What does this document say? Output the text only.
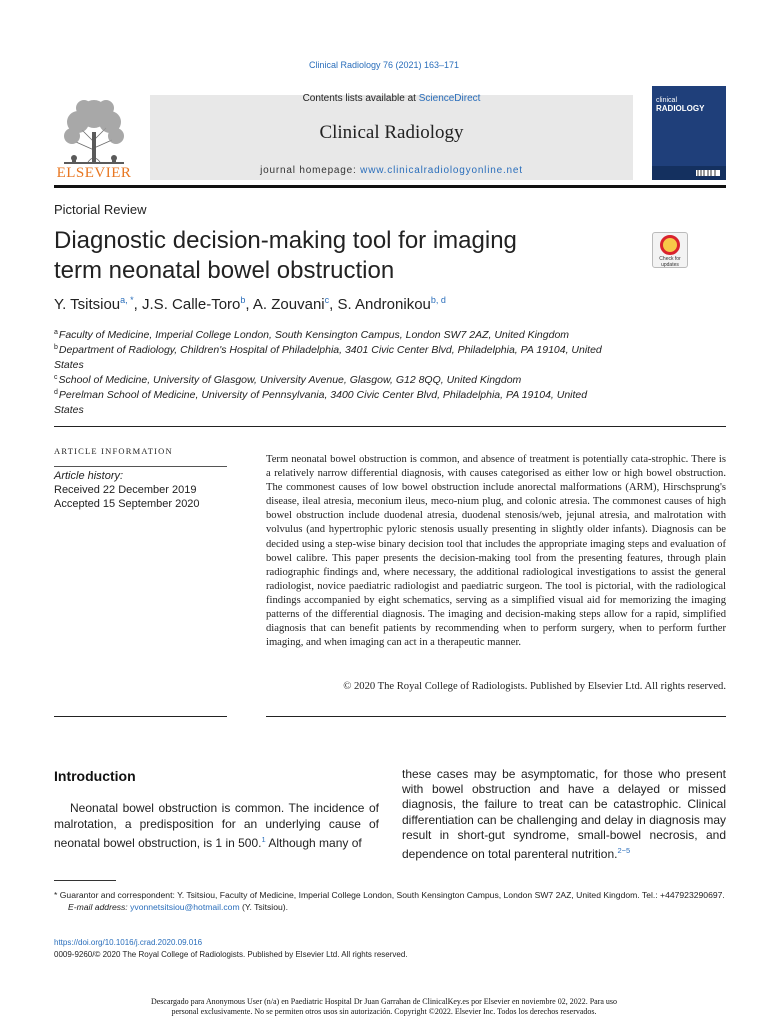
Clinical Radiology 76 (2021) 163–171
ELSEVIER
Contents lists available at ScienceDirect
Clinical Radiology
journal homepage: www.clinicalradiologyonline.net
clinical
RADIOLOGY
Pictorial Review
Diagnostic decision-making tool for imaging
term neonatal bowel obstruction	Check for updates
Y. Tsitsiou$^{a, *}$, J.S. Calle-Toro$^b$, A. Zouvani$^c$, S. Andronikou$^{b, d}$
$^a$Faculty of Medicine, Imperial College London, South Kensington Campus, London SW7 2AZ, United Kingdom
$^b$Department of Radiology, Children's Hospital of Philadelphia, 3401 Civic Center Blvd, Philadelphia, PA 19104, United
States
$^c$School of Medicine, University of Glasgow, University Avenue, Glasgow, G12 8QQ, United Kingdom
$^d$Perelman School of Medicine, University of Pennsylvania, 3400 Civic Center Blvd, Philadelphia, PA 19104, United
States
ARTICLE INFORMATION
Article history:
Received 22 December 2019
Accepted 15 September 2020
Term neonatal bowel obstruction is common, and absence of treatment is potentially cata-strophic. There is a relatively narrow differential diagnosis, with causes categorised as either low or high bowel obstruction. The commonest causes of low bowel obstruction include anorectal malformations (ARM), Hirschsprung's disease, ileal atresia, meconium ileus, meco-nium plug, and colonic atresia. The commonest causes of high bowel obstruction include duodenal atresia, duodenal stenosis/web, jejunal atresia, and malrotation with volvulus (and hypertrophic pyloric stenosis usually presenting in slightly older infants). Diagnosis can be decided using a step-wise binary decision tool that includes the appropriate imaging steps and evaluation of bowel calibre. This paper presents the decision-making tool from the presenting features, through plain radiographic findings and, where necessary, the additional radiological investigations to assist the general radiologist, novice paediatric radiologist and paediatric surgeon. The tool is pictorial, with the radiological findings accompanied by eight schematics, serving as a simplified visual aid for memorizing the imaging patterns of the differential diagnosis. The imaging and decision-making steps allow for a rapid, simplified diagnosis that can benefit patients by recommending when to perform surgery, when to perform further imaging, and when imaging can act in a therapeutic manner.
© 2020 The Royal College of Radiologists. Published by Elsevier Ltd. All rights reserved.
Introduction
Neonatal bowel obstruction is common. The incidence of malrotation, a predisposition for an underlying cause of neonatal bowel obstruction, is 1 in 500.$^1$ Although many of
these cases may be asymptomatic, for those who present with bowel obstruction and have a delayed or missed diagnosis, the failure to treat can be catastrophic. Clinical differentiation can be challenging and delay in diagnosis may result in short-gut syndrome, small-bowel necrosis, and dependence on total parenteral nutrition.$^{2-5}$
* Guarantor and correspondent: Y. Tsitsiou, Faculty of Medicine, Imperial College London, South Kensington Campus, London SW7 2AZ, United Kingdom. Tel.: +447923290697.
E-mail address: yvonnetsitsiou@hotmail.com (Y. Tsitsiou).
https://doi.org/10.1016/j.crad.2020.09.016
0009-9260/© 2020 The Royal College of Radiologists. Published by Elsevier Ltd. All rights reserved.
Descargado para Anonymous User (n/a) en Paediatric Hospital Dr Juan Garrahan de ClinicalKey.es por Elsevier en noviembre 02, 2022. Para uso
personal exclusivamente. No se permiten otros usos sin autorización. Copyright ©2022. Elsevier Inc. Todos los derechos reservados.
